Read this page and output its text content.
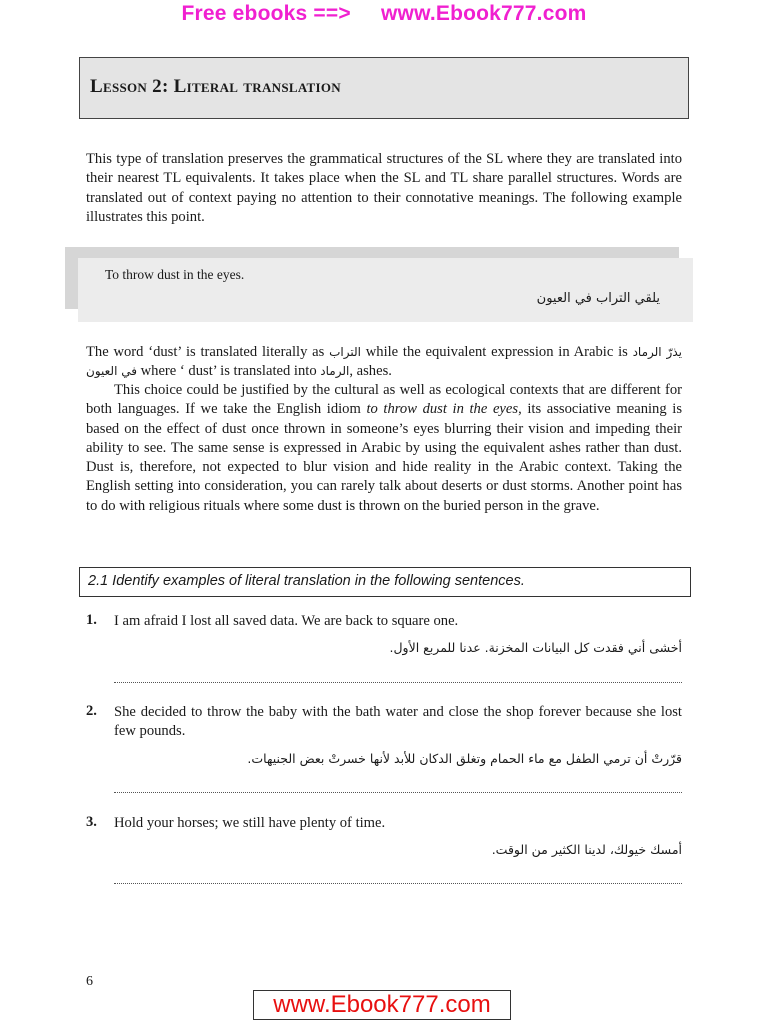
Free ebooks ==> www.Ebook777.com
Lesson 2: Literal translation

This type of translation preserves the grammatical structures of the SL where they are translated into their nearest TL equivalents. It takes place when the SL and TL share parallel structures. Words are translated out of context paying no attention to their connotative meanings. The following example illustrates this point.

To throw dust in the eyes.
يلقي التراب في العيون

The word ‘dust’ is translated literally as التراب while the equivalent expression in Arabic is يذرّ الرماد في العيون where ‘ dust’ is translated into الرماد, ashes.

This choice could be justified by the cultural as well as ecological contexts that are different for both languages. If we take the English idiom to throw dust in the eyes, its associative meaning is based on the effect of dust once thrown in someone’s eyes blurring their vision and impeding their ability to see. The same sense is expressed in Arabic by using the equivalent ashes rather than dust. Dust is, therefore, not expected to blur vision and hide reality in the Arabic context. Taking the English setting into consideration, you can rarely talk about deserts or dust storms. Another point has to do with religious rituals where some dust is thrown on the buried person in the grave.

2.1 Identify examples of literal translation in the following sentences.
1. I am afraid I lost all saved data. We are back to square one.
أخشى أني فقدت كل البيانات المخزنة. عدنا للمربع الأول.
2. She decided to throw the baby with the bath water and close the shop forever because she lost few pounds.
قرّرتْ أن ترمي الطفل مع ماء الحمام وتغلق الدكان للأبد لأنها خسرتْ بعض الجنيهات.
3. Hold your horses; we still have plenty of time.
أمسك خيولك، لدينا الكثير من الوقت.
6
www.Ebook777.com
